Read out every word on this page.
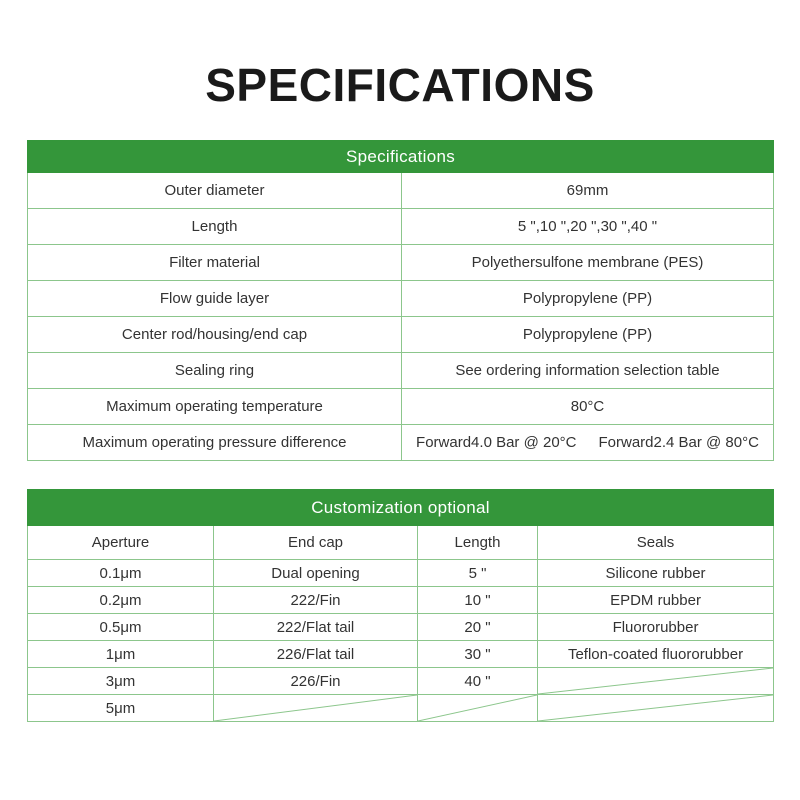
SPECIFICATIONS
Specifications	
Outer diameter	69mm
Length	5 ",10 ",20 ",30 ",40 "
Filter material	Polyethersulfone membrane (PES)
Flow guide layer	Polypropylene (PP)
Center rod/housing/end cap	Polypropylene (PP)
Sealing ring	See ordering information selection table
Maximum operating temperature	80°C
Maximum operating pressure difference	Forward4.0 Bar @ 20°C Forward2.4 Bar @ 80°C
Customization optional			
Aperture	End cap	Length	Seals
0.1μm	Dual opening	5 "	Silicone rubber
0.2μm	222/Fin	10 "	EPDM rubber
0.5μm	222/Flat tail	20 "	Fluororubber
1μm	226/Flat tail	30 "	Teflon-coated fluororubber
3μm	226/Fin	40 "	

5μm	
